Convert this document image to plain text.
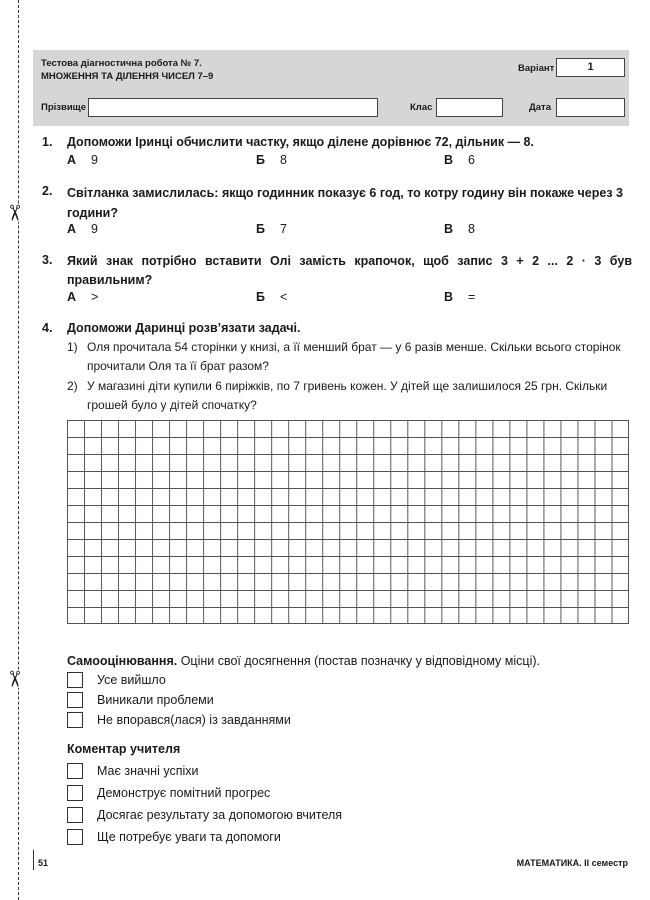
✂
✂
Тестова діагностична робота № 7.
МНОЖЕННЯ ТА ДІЛЕННЯ ЧИСЕЛ 7–9
Варіант	1
Прізвище	Клас	Дата
1. Допоможи Іринці обчислити частку, якщо ділене дорівнює 72, дільник — 8.
А 9	Б 8	В 6
2. Світланка замислилась: якщо годинник показує 6 год, то котру годину він покаже через 3 години?
А 9	Б 7	В 8
3. Який знак потрібно вставити Олі замість крапочок, щоб запис 3 + 2 ... 2 · 3 був правильним?
А >	Б <	В =
4. Допоможи Даринці розв’язати задачі.
1) Оля прочитала 54 сторінки у книзі, а її менший брат — у 6 разів менше. Скільки всього сторінок прочитали Оля та її брат разом?
2) У магазині діти купили 6 пиріжків, по 7 гривень кожен. У дітей ще залишилося 25 грн. Скільки грошей було у дітей спочатку?
Самооцінювання. Оціни свої досягнення (постав позначку у відповідному місці).
Усе вийшло
Виникали проблеми
Не впорався(лася) із завданнями
Коментар учителя
Має значні успіхи
Демонструє помітний прогрес
Досягає результату за допомогою вчителя
Ще потребує уваги та допомоги
51	МАТЕМАТИКА. ІІ семестр
